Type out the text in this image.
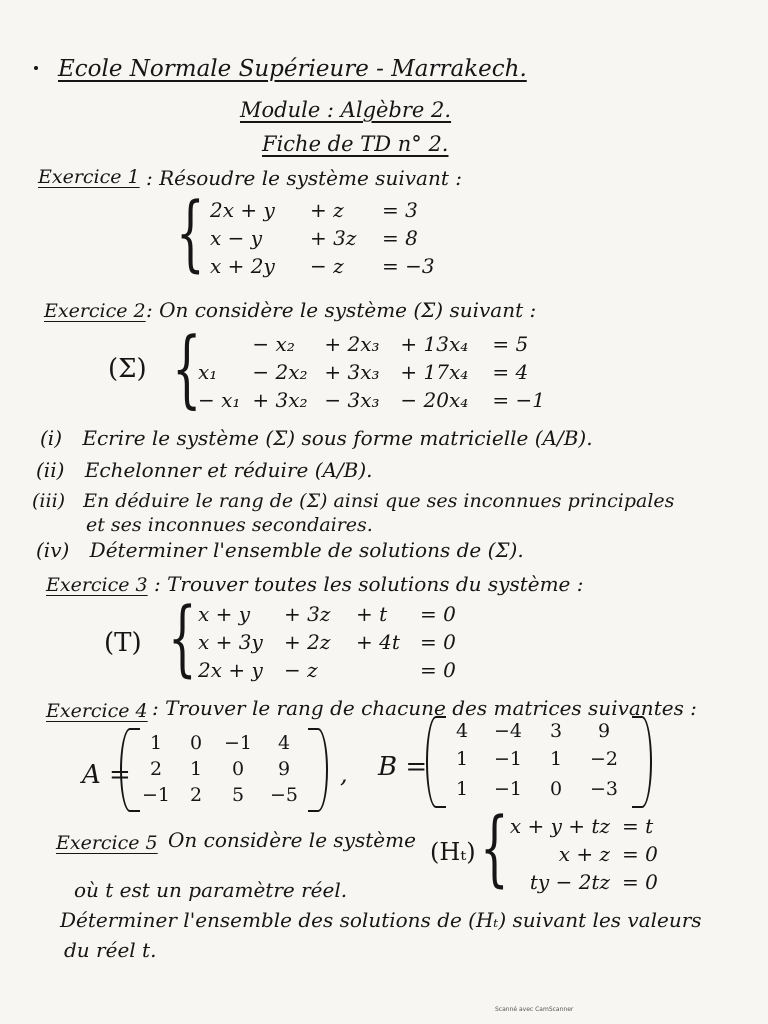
Ecole Normale Supérieure - Marrakech.
Module : Algèbre 2.
Fiche de TD n° 2.
Exercice 1 : Résoudre le système suivant :
{ 2x + y	+ z	= 3
x − y	+ 3z	= 8
x + 2y	− z	= −3
Exercice 2 : On considère le système (Σ) suivant :
(Σ) {
		− x₂	+ 2x₃	+ 13x₄	= 5
x₁	− 2x₂	+ 3x₃	+ 17x₄	= 4
− x₁	+ 3x₂	− 3x₃	− 20x₄	= −1
(i) Ecrire le système (Σ) sous forme matricielle (A/B).
(ii) Echelonner et réduire (A/B).
(iii) En déduire le rang de (Σ) ainsi que ses inconnues principales
et ses inconnues secondaires.
(iv) Déterminer l'ensemble de solutions de (Σ).
Exercice 3 : Trouver toutes les solutions du système :
(T) { x + y	+ 3z	+ t	= 0
x + 3y	+ 2z	+ 4t	= 0
2x + y	− z		= 0
Exercice 4 : Trouver le rang de chacune des matrices suivantes :
A =
1	0	−1	4
2	1	0	9
−1	2	5	−5
, B =
4	−4	3	9
1	−1	1	−2
1	−1	0	−3
Exercice 5 On considère le système (Hₜ) { x + y + tz	= t
x + z	= 0
ty − 2tz	= 0
où t est un paramètre réel.
Déterminer l'ensemble des solutions de (Hₜ) suivant les valeurs
du réel t.
Scanné avec CamScanner
